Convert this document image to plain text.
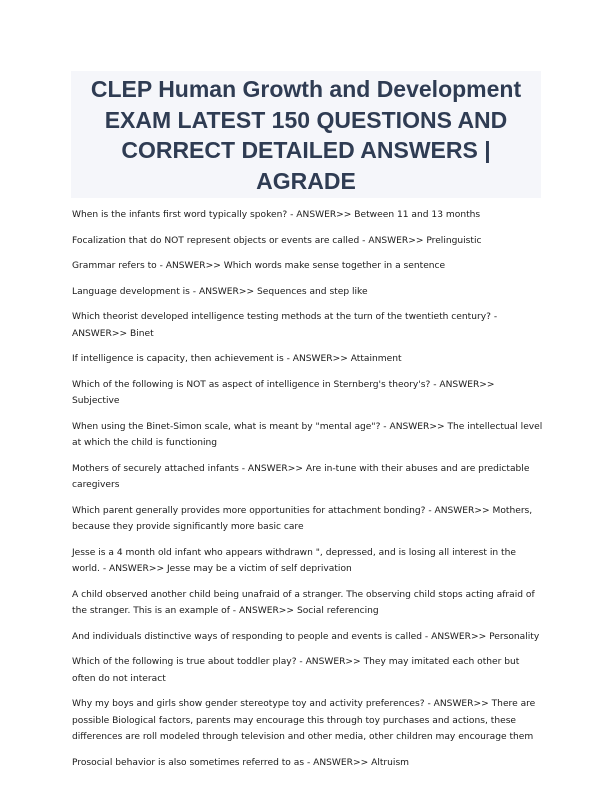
CLEP Human Growth and Development EXAM LATEST 150 QUESTIONS AND CORRECT DETAILED ANSWERS | AGRADE

When is the infants first word typically spoken? - ANSWER>> Between 11 and 13 months

Focalization that do NOT represent objects or events are called - ANSWER>> Prelinguistic

Grammar refers to - ANSWER>> Which words make sense together in a sentence

Language development is - ANSWER>> Sequences and step like

Which theorist developed intelligence testing methods at the turn of the twentieth century? - ANSWER>> Binet

If intelligence is capacity, then achievement is - ANSWER>> Attainment

Which of the following is NOT as aspect of intelligence in Sternberg's theory's? - ANSWER>> Subjective

When using the Binet-Simon scale, what is meant by "mental age"? - ANSWER>> The intellectual level at which the child is functioning

Mothers of securely attached infants - ANSWER>> Are in-tune with their abuses and are predictable caregivers

Which parent generally provides more opportunities for attachment bonding? - ANSWER>> Mothers, because they provide significantly more basic care

Jesse is a 4 month old infant who appears withdrawn ", depressed, and is losing all interest in the world. - ANSWER>> Jesse may be a victim of self deprivation

A child observed another child being unafraid of a stranger. The observing child stops acting afraid of the stranger. This is an example of - ANSWER>> Social referencing

And individuals distinctive ways of responding to people and events is called - ANSWER>> Personality

Which of the following is true about toddler play? - ANSWER>> They may imitated each other but often do not interact

Why my boys and girls show gender stereotype toy and activity preferences? - ANSWER>> There are possible Biological factors, parents may encourage this through toy purchases and actions, these differences are roll modeled through television and other media, other children may encourage them

Prosocial behavior is also sometimes referred to as - ANSWER>> Altruism
